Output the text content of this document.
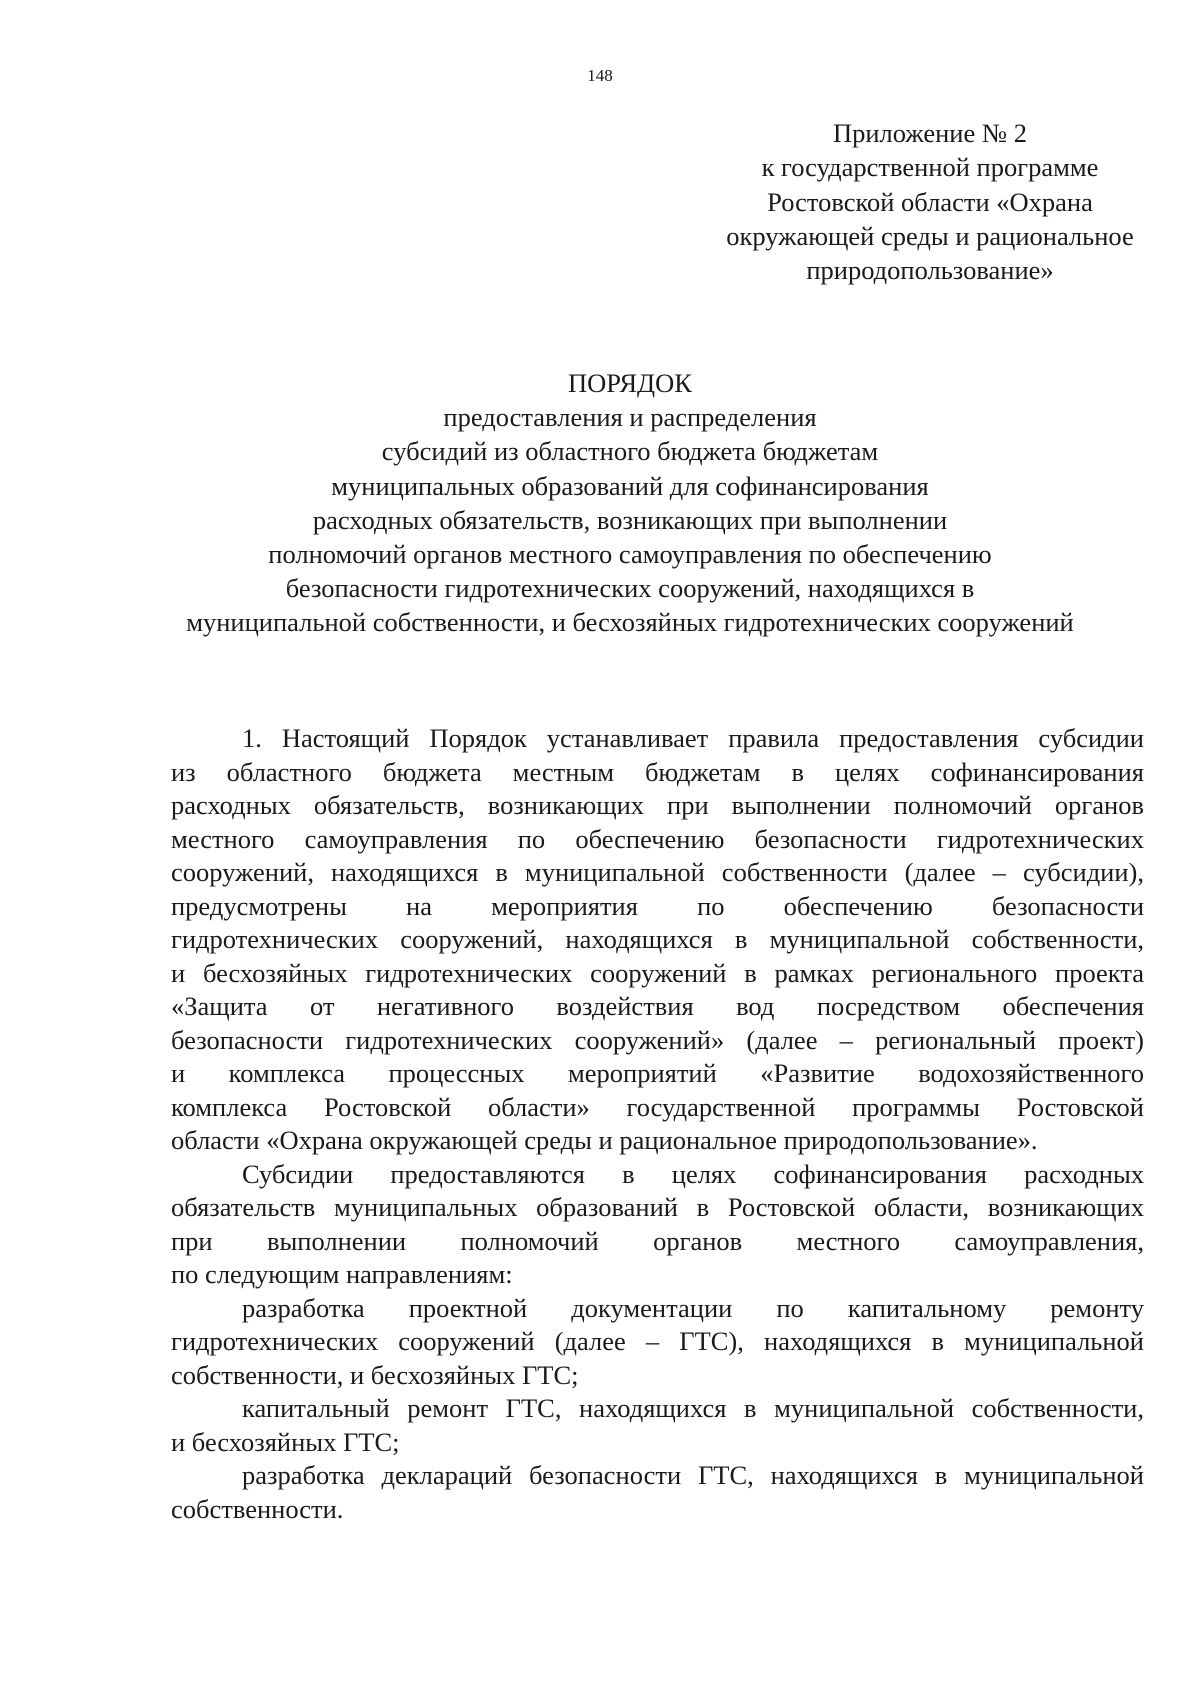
148
Приложение № 2
к государственной программе
Ростовской области «Охрана
окружающей среды и рациональное
природопользование»
ПОРЯДОК
предоставления и распределения
субсидий из областного бюджета бюджетам
муниципальных образований для софинансирования
расходных обязательств, возникающих при выполнении
полномочий органов местного самоуправления по обеспечению
безопасности гидротехнических сооружений, находящихся в
муниципальной собственности, и бесхозяйных гидротехнических сооружений
1. Настоящий Порядок устанавливает правила предоставления субсидии
из областного бюджета местным бюджетам в целях софинансирования
расходных обязательств, возникающих при выполнении полномочий органов
местного самоуправления по обеспечению безопасности гидротехнических
сооружений, находящихся в муниципальной собственности (далее – субсидии),
предусмотрены на мероприятия по обеспечению безопасности
гидротехнических сооружений, находящихся в муниципальной собственности,
и бесхозяйных гидротехнических сооружений в рамках регионального проекта
«Защита от негативного воздействия вод посредством обеспечения
безопасности гидротехнических сооружений» (далее – региональный проект)
и комплекса процессных мероприятий «Развитие водохозяйственного
комплекса Ростовской области» государственной программы Ростовской
области «Охрана окружающей среды и рациональное природопользование».
Субсидии предоставляются в целях софинансирования расходных
обязательств муниципальных образований в Ростовской области, возникающих
при выполнении полномочий органов местного самоуправления,
по следующим направлениям:
разработка проектной документации по капитальному ремонту
гидротехнических сооружений (далее – ГТС), находящихся в муниципальной
собственности, и бесхозяйных ГТС;
капитальный ремонт ГТС, находящихся в муниципальной собственности,
и бесхозяйных ГТС;
разработка деклараций безопасности ГТС, находящихся в муниципальной
собственности.
